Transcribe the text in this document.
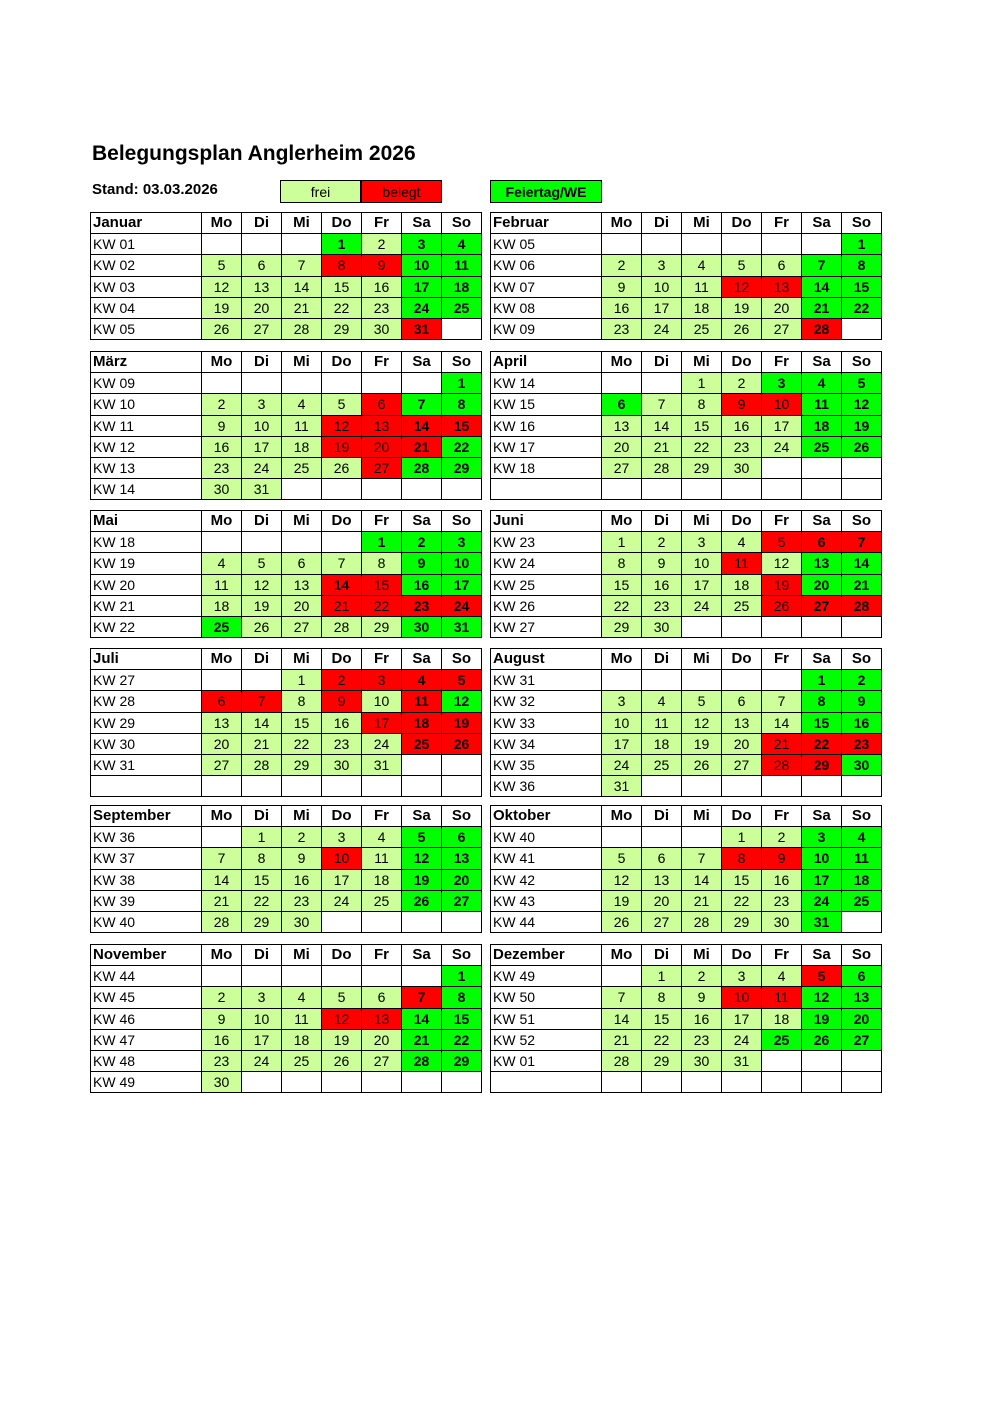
Belegungsplan Anglerheim 2026
Stand: 03.03.2026	frei	belegt	Feiertag/WE
Januar	Mo	Di	Mi	Do	Fr	Sa	So
KW 01				1	2	3	4
KW 02	5	6	7	8	9	10	11
KW 03	12	13	14	15	16	17	18
KW 04	19	20	21	22	23	24	25
KW 05	26	27	28	29	30	31	
Februar	Mo	Di	Mi	Do	Fr	Sa	So
KW 05							1
KW 06	2	3	4	5	6	7	8
KW 07	9	10	11	12	13	14	15
KW 08	16	17	18	19	20	21	22
KW 09	23	24	25	26	27	28	
März	Mo	Di	Mi	Do	Fr	Sa	So
KW 09							1
KW 10	2	3	4	5	6	7	8
KW 11	9	10	11	12	13	14	15
KW 12	16	17	18	19	20	21	22
KW 13	23	24	25	26	27	28	29
KW 14	30	31					
April	Mo	Di	Mi	Do	Fr	Sa	So
KW 14			1	2	3	4	5
KW 15	6	7	8	9	10	11	12
KW 16	13	14	15	16	17	18	19
KW 17	20	21	22	23	24	25	26
KW 18	27	28	29	30			

Mai	Mo	Di	Mi	Do	Fr	Sa	So
KW 18					1	2	3
KW 19	4	5	6	7	8	9	10
KW 20	11	12	13	14	15	16	17
KW 21	18	19	20	21	22	23	24
KW 22	25	26	27	28	29	30	31
Juni	Mo	Di	Mi	Do	Fr	Sa	So
KW 23	1	2	3	4	5	6	7
KW 24	8	9	10	11	12	13	14
KW 25	15	16	17	18	19	20	21
KW 26	22	23	24	25	26	27	28
KW 27	29	30					
Juli	Mo	Di	Mi	Do	Fr	Sa	So
KW 27			1	2	3	4	5
KW 28	6	7	8	9	10	11	12
KW 29	13	14	15	16	17	18	19
KW 30	20	21	22	23	24	25	26
KW 31	27	28	29	30	31		

August	Mo	Di	Mi	Do	Fr	Sa	So
KW 31						1	2
KW 32	3	4	5	6	7	8	9
KW 33	10	11	12	13	14	15	16
KW 34	17	18	19	20	21	22	23
KW 35	24	25	26	27	28	29	30
KW 36	31						
September	Mo	Di	Mi	Do	Fr	Sa	So
KW 36		1	2	3	4	5	6
KW 37	7	8	9	10	11	12	13
KW 38	14	15	16	17	18	19	20
KW 39	21	22	23	24	25	26	27
KW 40	28	29	30				
Oktober	Mo	Di	Mi	Do	Fr	Sa	So
KW 40				1	2	3	4
KW 41	5	6	7	8	9	10	11
KW 42	12	13	14	15	16	17	18
KW 43	19	20	21	22	23	24	25
KW 44	26	27	28	29	30	31	
November	Mo	Di	Mi	Do	Fr	Sa	So
KW 44							1
KW 45	2	3	4	5	6	7	8
KW 46	9	10	11	12	13	14	15
KW 47	16	17	18	19	20	21	22
KW 48	23	24	25	26	27	28	29
KW 49	30						
Dezember	Mo	Di	Mi	Do	Fr	Sa	So
KW 49		1	2	3	4	5	6
KW 50	7	8	9	10	11	12	13
KW 51	14	15	16	17	18	19	20
KW 52	21	22	23	24	25	26	27
KW 01	28	29	30	31			
